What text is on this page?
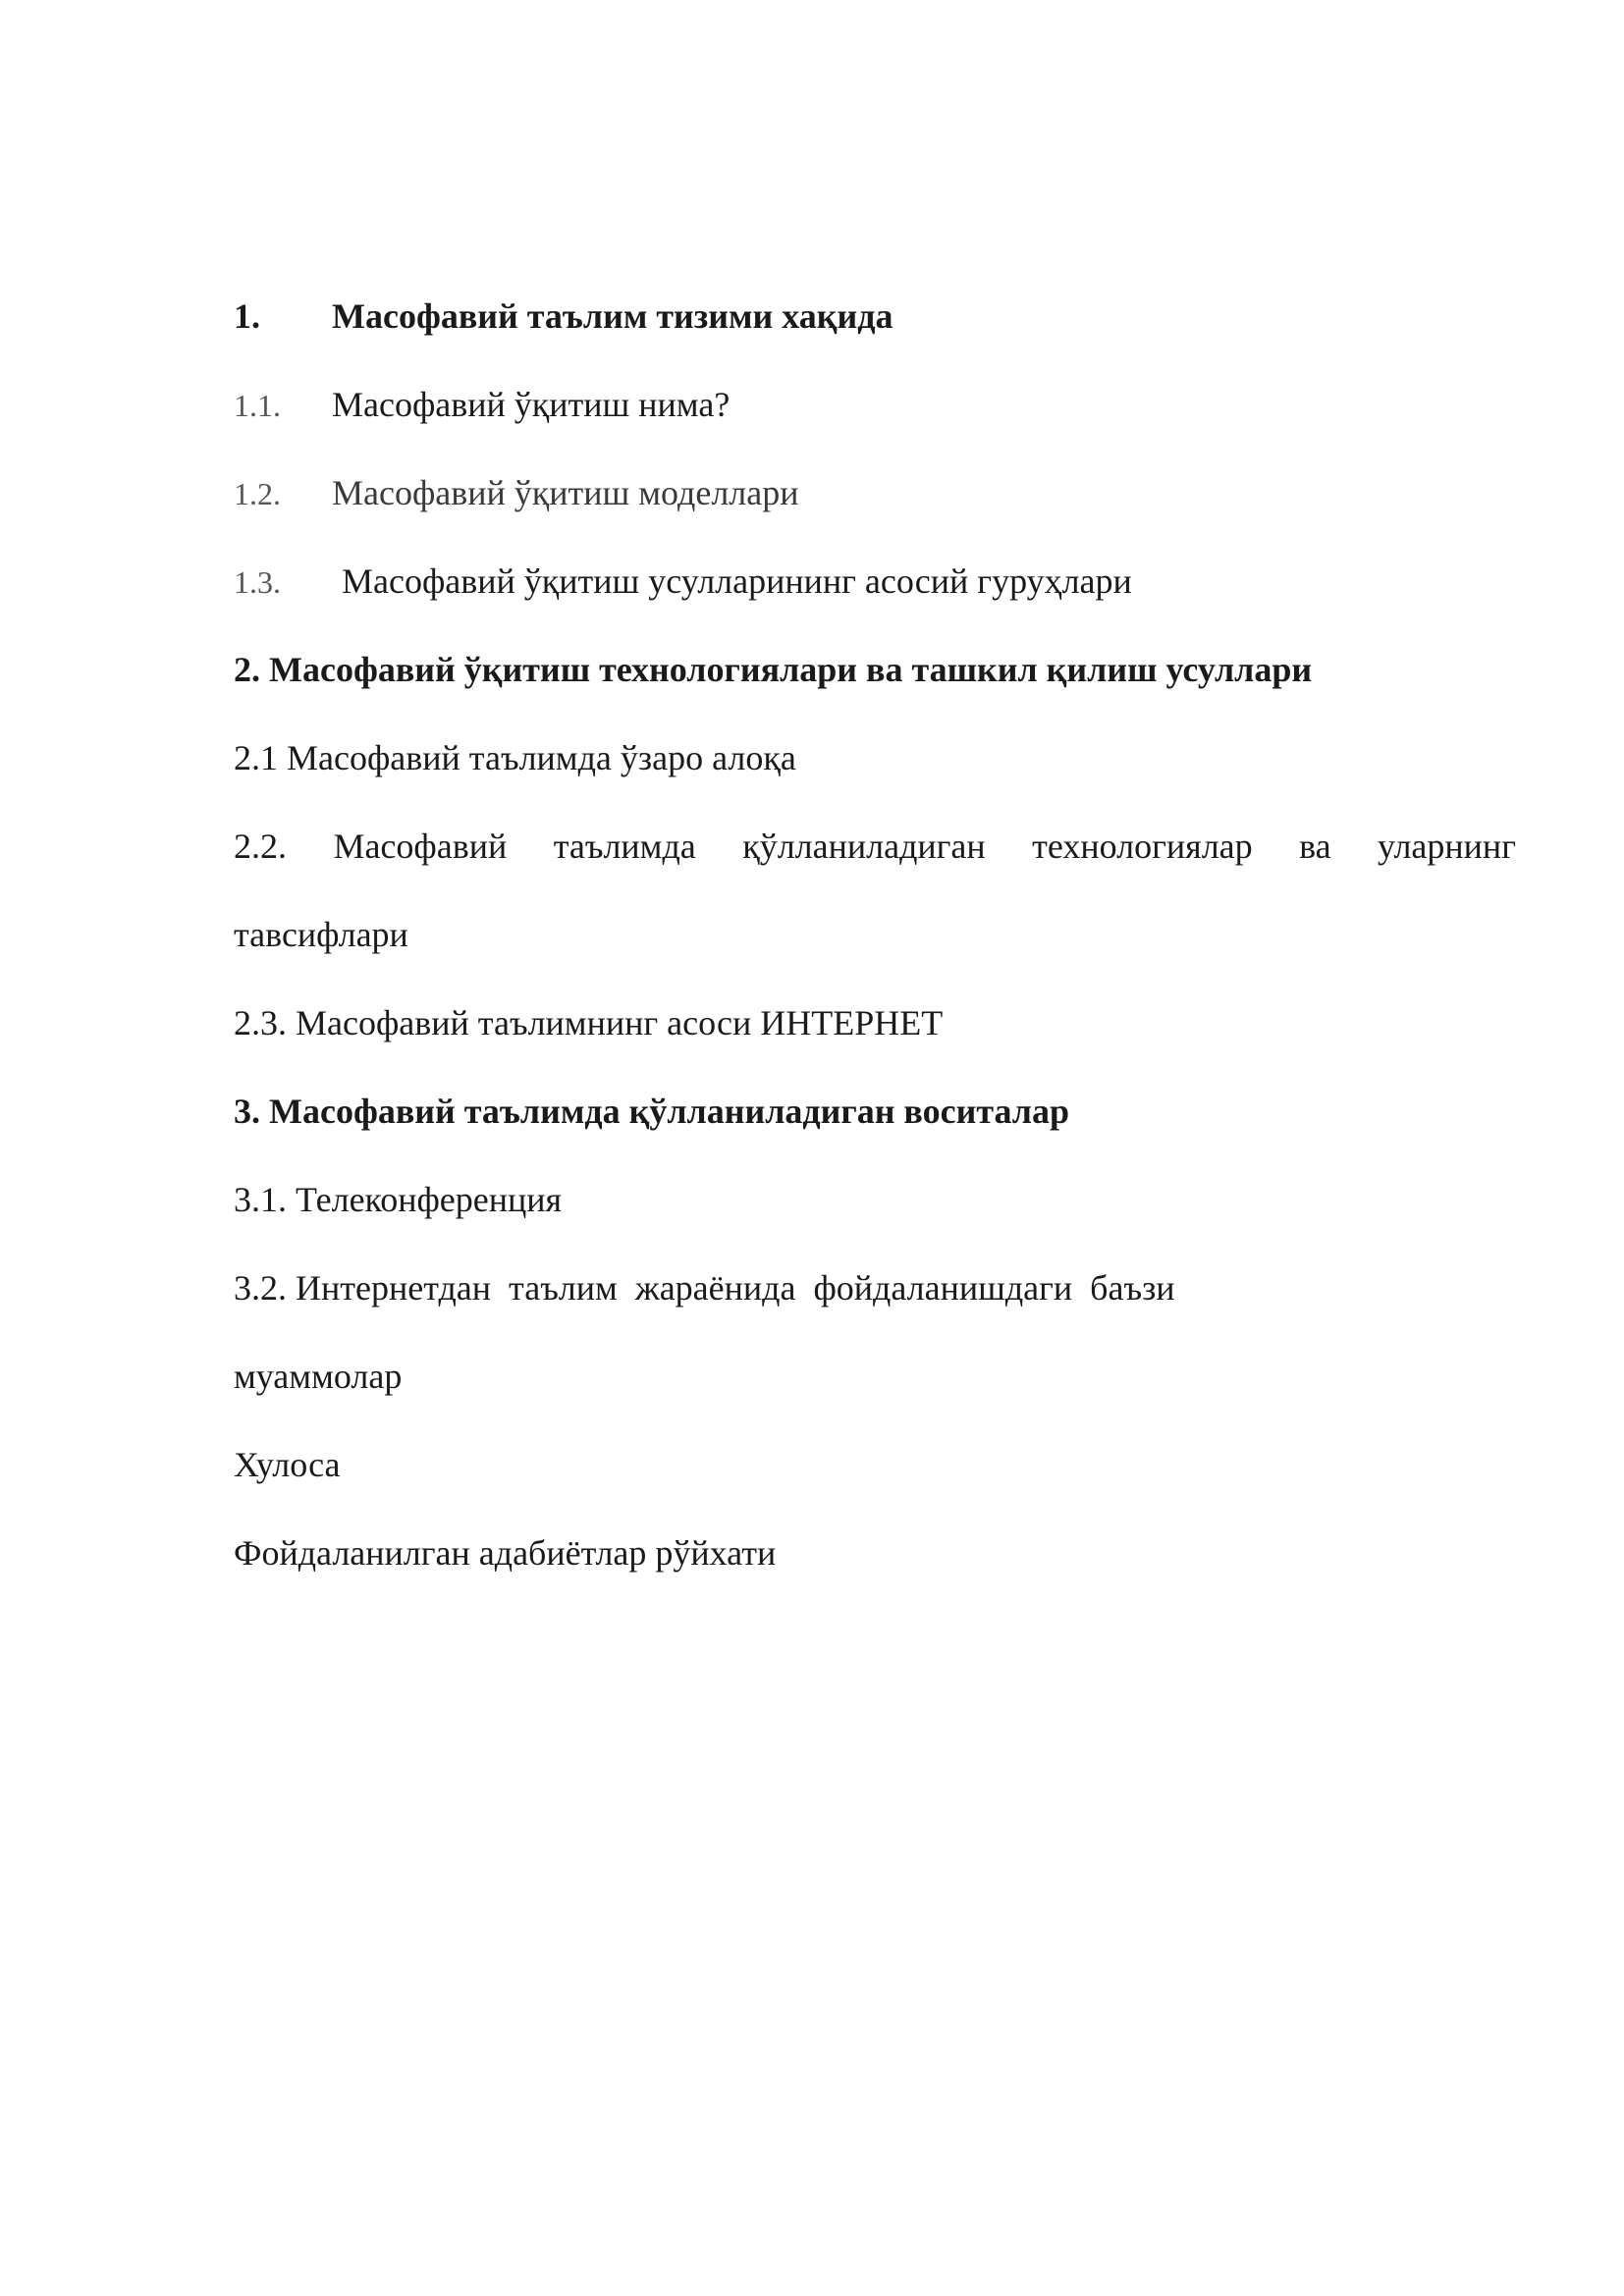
1. Масофавий таълим тизими хақида
1.1. Масофавий ўқитиш нима?
1.2. Масофавий ўқитиш моделлари
1.3. Масофавий ўқитиш усулларининг асосий гуруҳлари
2. Масофавий ўқитиш технологиялари ва ташкил қилиш усуллари
2.1 Масофавий таълимда ўзаро алоқа
2.2. Масофавий таълимда қўлланиладиган технологиялар ва уларнинг
тавсифлари
2.3. Масофавий таълимнинг асоси ИНТЕРНЕТ
3. Масофавий таълимда қўлланиладиган воситалар
3.1. Телеконференция
3.2. Интернетдан  таълим  жараёнида  фойдаланишдаги  баъзи
муаммолар
Хулоса
Фойдаланилган адабиётлар рўйхати
